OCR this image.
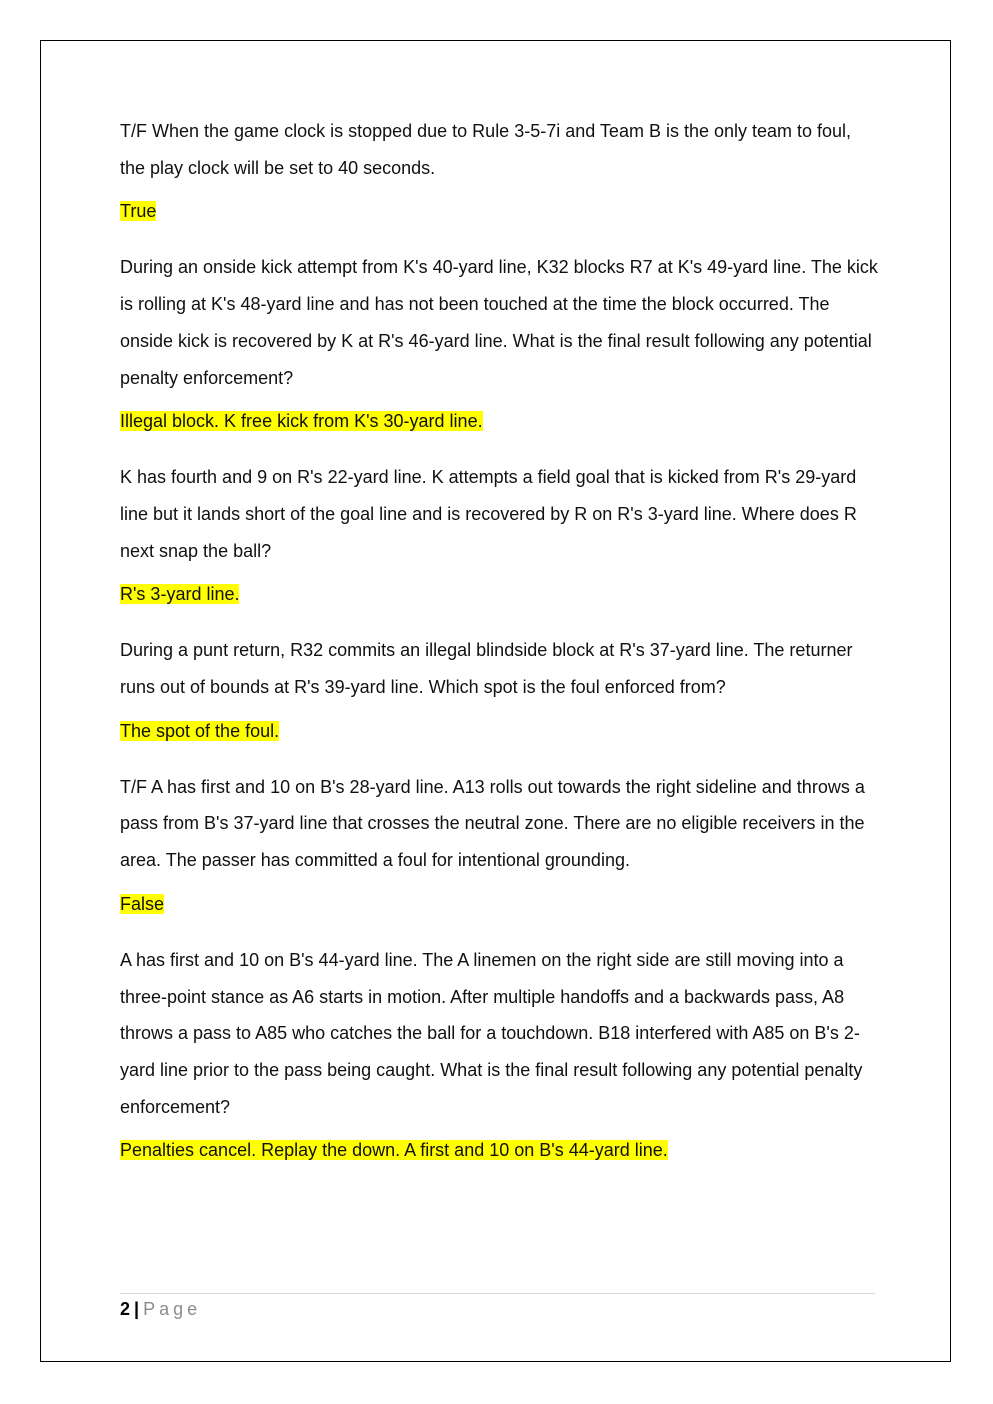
T/F When the game clock is stopped due to Rule 3-5-7i and Team B is the only team to foul, the play clock will be set to 40 seconds.

True

During an onside kick attempt from K's 40-yard line, K32 blocks R7 at K's 49-yard line. The kick is rolling at K's 48-yard line and has not been touched at the time the block occurred. The onside kick is recovered by K at R's 46-yard line. What is the final result following any potential penalty enforcement?

Illegal block. K free kick from K's 30-yard line.

K has fourth and 9 on R's 22-yard line. K attempts a field goal that is kicked from R's 29-yard line but it lands short of the goal line and is recovered by R on R's 3-yard line. Where does R next snap the ball?

R's 3-yard line.

During a punt return, R32 commits an illegal blindside block at R's 37-yard line. The returner runs out of bounds at R's 39-yard line. Which spot is the foul enforced from?

The spot of the foul.

T/F A has first and 10 on B's 28-yard line. A13 rolls out towards the right sideline and throws a pass from B's 37-yard line that crosses the neutral zone. There are no eligible receivers in the area. The passer has committed a foul for intentional grounding.

False

A has first and 10 on B's 44-yard line. The A linemen on the right side are still moving into a three-point stance as A6 starts in motion. After multiple handoffs and a backwards pass, A8 throws a pass to A85 who catches the ball for a touchdown. B18 interfered with A85 on B's 2-yard line prior to the pass being caught. What is the final result following any potential penalty enforcement?

Penalties cancel. Replay the down. A first and 10 on B's 44-yard line.

2 | Page
